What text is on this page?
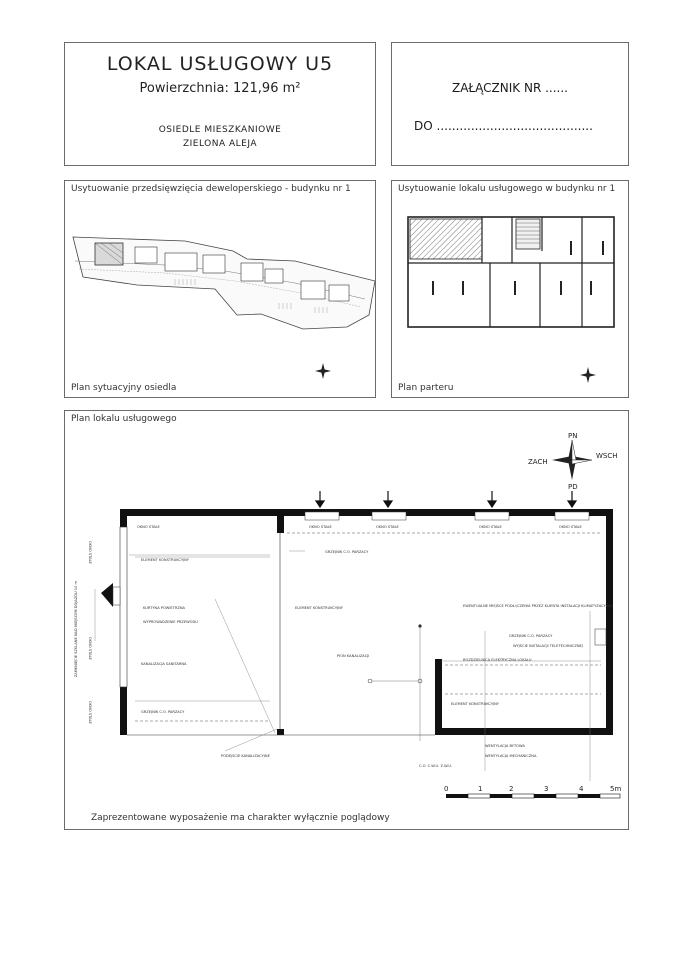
LOKAL USŁUGOWY U5
Powierzchnia: 121,96 m²
OSIEDLE MIESZKANIOWE
ZIELONA ALEJA
ZAŁĄCZNIK NR ......
DO .........................................
Usytuowanie przedsięwzięcia deweloperskiego - budynku nr 1
Plan sytuacyjny osiedla
Usytuowanie lokalu usługowego w budynku nr 1
Plan parteru
Plan lokalu usługowego
PN
PD
ZACH
WSCH
OKNO STAŁE	OKNO STAŁE	OKNO STAŁE	OKNO STAŁE
OKNO STAŁE
OKNO STAŁE
OKNO STAŁE
OKNO STAŁE
ZAMKNIĘCIE SZKLANE NAD MIEJSCEM DOJAZDU 10 m
ELEMENT KONSTRUKCYJNY
GRZEJNIK C.O. PARZACY
KURTYNA POWIETRZNA
WYPROWADZENIE PRZEWODU
KANALIZACJA SANITARNA
ELEMENT KONSTRUKCYJNY
PION KANALIZACJI
GRZEJNIK C.O. PARZACY
PODEJŚCIE KANALIZACYJNE
EWENTUALNE MIEJSCE PODŁĄCZENIA PRZEZ KLIENTA INSTALACJI KLIMATYZACYJNEJ
GRZEJNIK C.O. PARZACY
WYJŚCIE INSTALACJI TELETECHNICZNEJ
ROZDZIELNICA ELEKTRYCZNA LOKALU
ELEMENT KONSTRUKCYJNY
WENTYLACJA BYTOWA
WENTYLACJA MECHANICZNA
C.O. C.W.U. Z.W.U.
0	1	2	3	4	5m
Zaprezentowane wyposażenie ma charakter wyłącznie poglądowy
